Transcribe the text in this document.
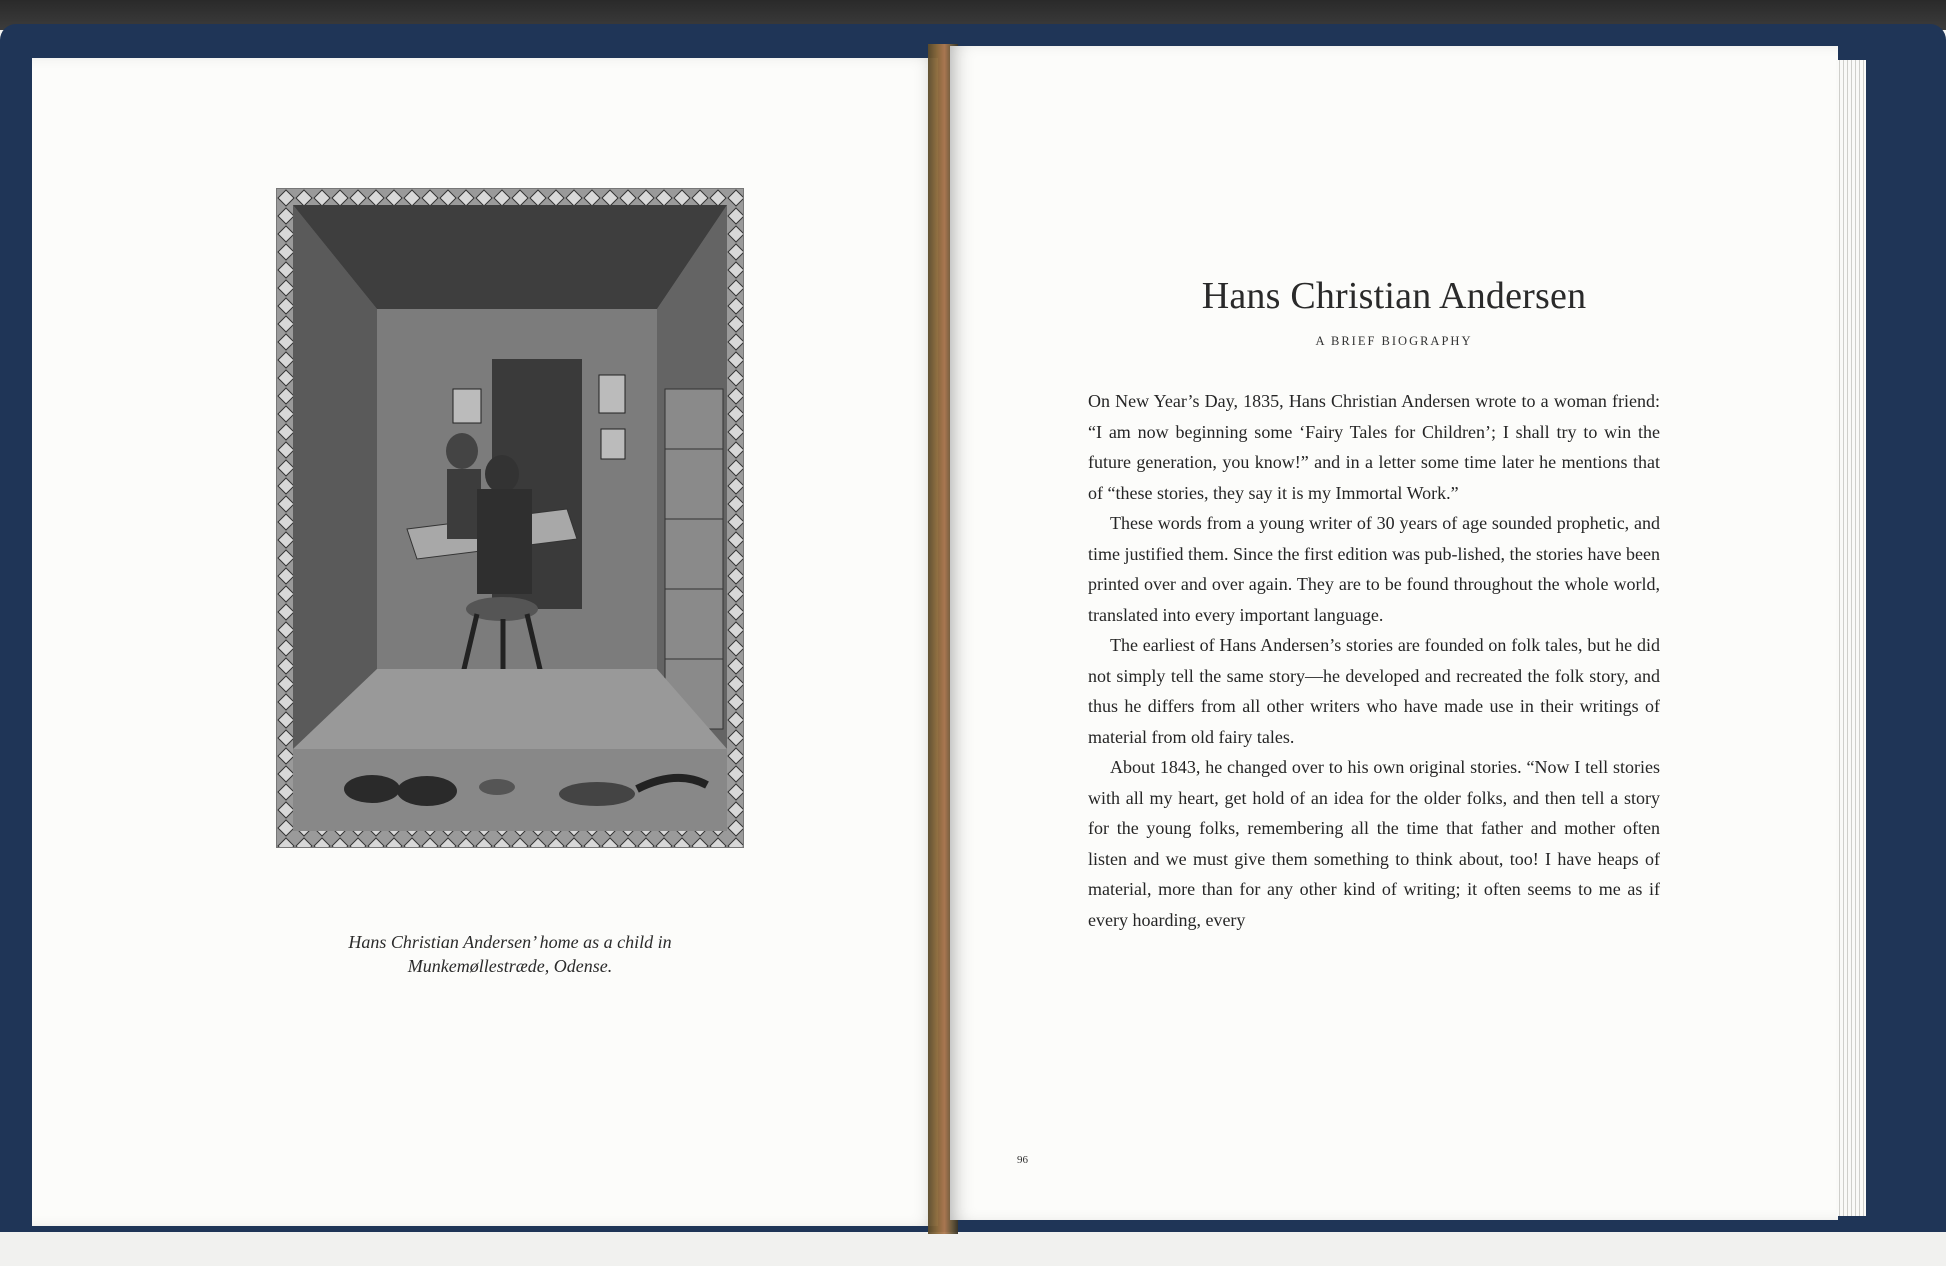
Hans Christian Andersen’ home as a child in
Munkemøllestræde, Odense.
Hans Christian Andersen
A BRIEF BIOGRAPHY

On New Year’s Day, 1835, Hans Christian Andersen wrote to a woman friend: “I am now beginning some ‘Fairy Tales for Children’; I shall try to win the future generation, you know!” and in a letter some time later he mentions that of “these stories, they say it is my Immortal Work.”

These words from a young writer of 30 years of age sounded prophetic, and time justified them. Since the first edition was pub-lished, the stories have been printed over and over again. They are to be found throughout the whole world, translated into every important language.

The earliest of Hans Andersen’s stories are founded on folk tales, but he did not simply tell the same story—he developed and recreated the folk story, and thus he differs from all other writers who have made use in their writings of material from old fairy tales.

About 1843, he changed over to his own original stories. “Now I tell stories with all my heart, get hold of an idea for the older folks, and then tell a story for the young folks, remembering all the time that father and mother often listen and we must give them something to think about, too! I have heaps of material, more than for any other kind of writing; it often seems to me as if every hoarding, every

96
